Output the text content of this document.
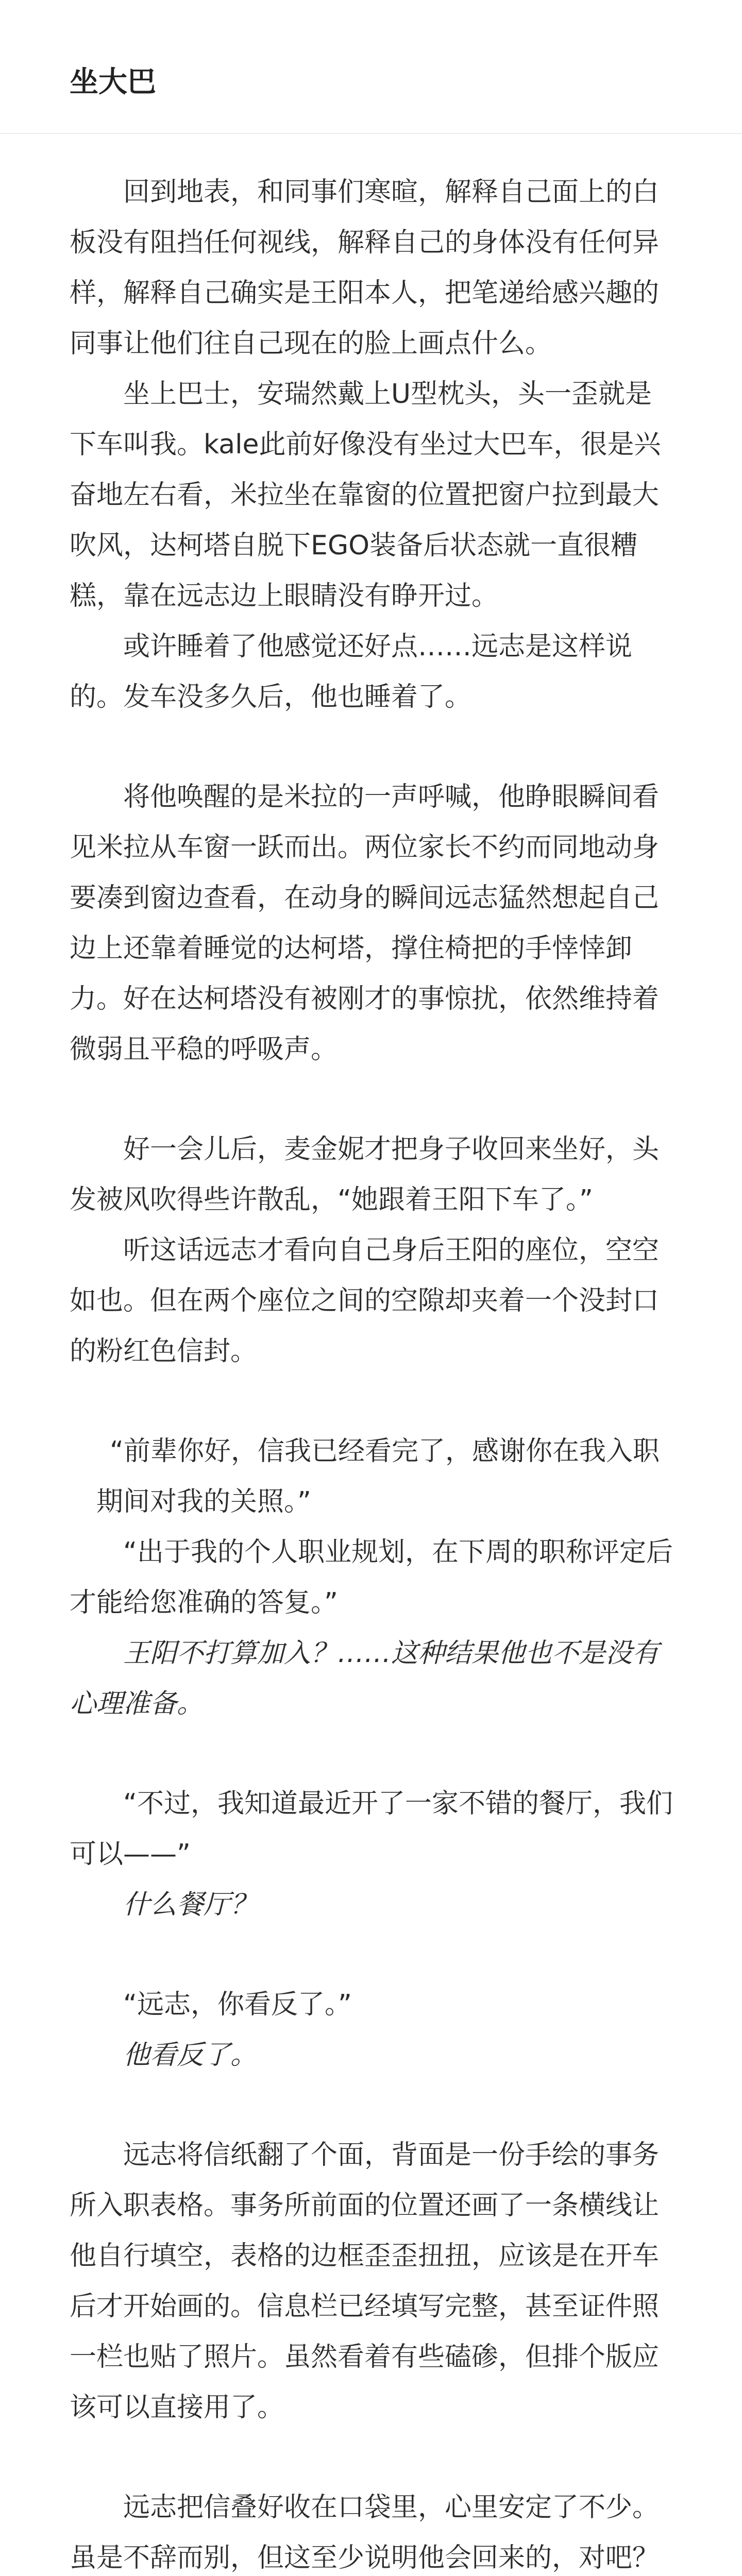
坐大巴

回到地表，和同事们寒暄，解释自己面上的白板没有阻挡任何视线，解释自己的身体没有任何异样，解释自己确实是王阳本人，把笔递给感兴趣的同事让他们往自己现在的脸上画点什么。

坐上巴士，安瑞然戴上U型枕头，头一歪就是下车叫我。kale此前好像没有坐过大巴车，很是兴奋地左右看，米拉坐在靠窗的位置把窗户拉到最大吹风，达柯塔自脱下EGO装备后状态就一直很糟糕，靠在远志边上眼睛没有睁开过。

或许睡着了他感觉还好点……远志是这样说的。发车没多久后，他也睡着了。

将他唤醒的是米拉的一声呼喊，他睁眼瞬间看见米拉从车窗一跃而出。两位家长不约而同地动身要凑到窗边查看，在动身的瞬间远志猛然想起自己边上还靠着睡觉的达柯塔，撑住椅把的手悻悻卸力。好在达柯塔没有被刚才的事惊扰，依然维持着微弱且平稳的呼吸声。

好一会儿后，麦金妮才把身子收回来坐好，头发被风吹得些许散乱，“她跟着王阳下车了。”

听这话远志才看向自己身后王阳的座位，空空如也。但在两个座位之间的空隙却夹着一个没封口的粉红色信封。

“前辈你好，信我已经看完了，感谢你在我入职期间对我的关照。”

“出于我的个人职业规划，在下周的职称评定后才能给您准确的答复。”

王阳不打算加入？……这种结果他也不是没有心理准备。

“不过，我知道最近开了一家不错的餐厅，我们可以——”

什么餐厅？

“远志，你看反了。”

他看反了。

远志将信纸翻了个面，背面是一份手绘的事务所入职表格。事务所前面的位置还画了一条横线让他自行填空，表格的边框歪歪扭扭，应该是在开车后才开始画的。信息栏已经填写完整，甚至证件照一栏也贴了照片。虽然看着有些磕碜，但排个版应该可以直接用了。

远志把信叠好收在口袋里，心里安定了不少。虽是不辞而别，但这至少说明他会回来的，对吧？
